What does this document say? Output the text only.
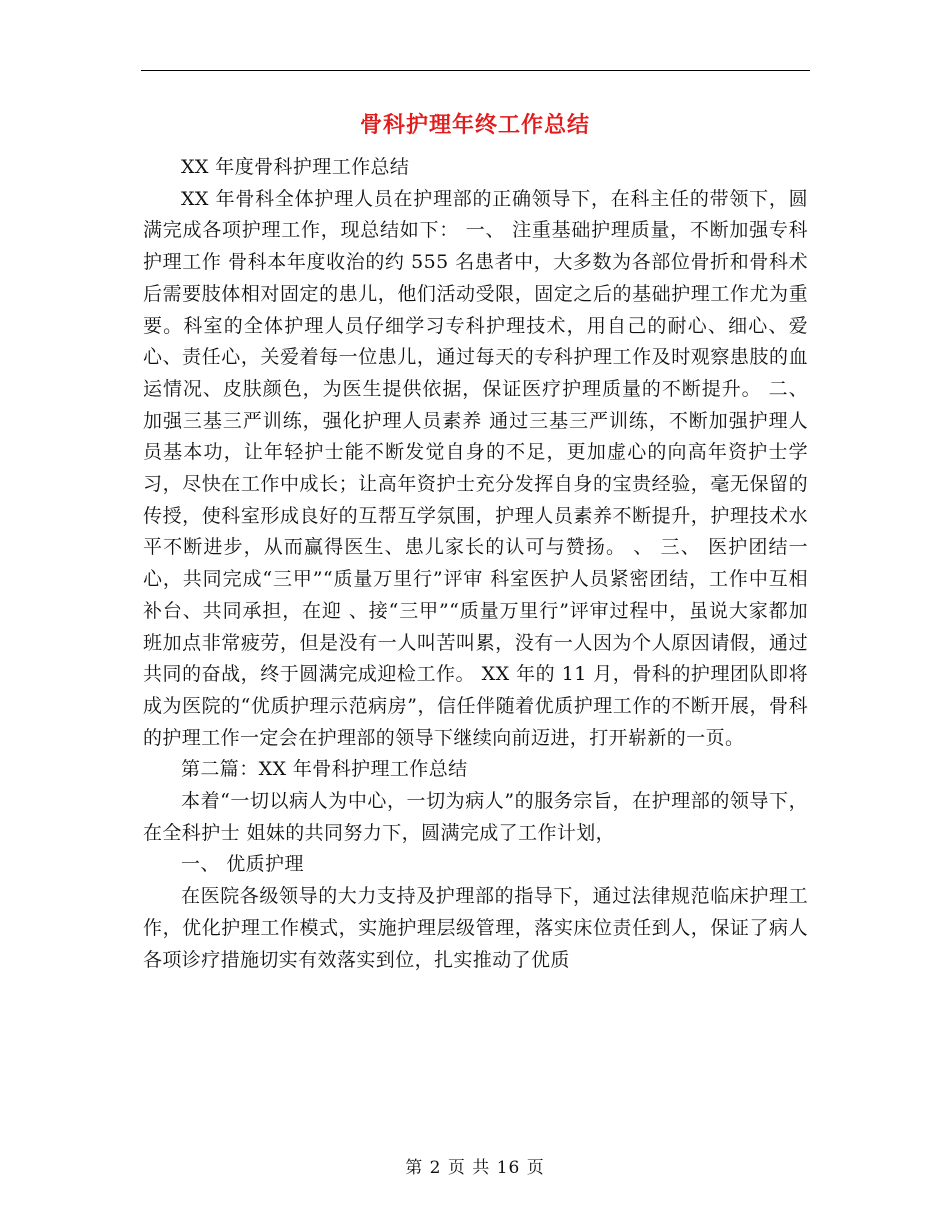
骨科护理年终工作总结

XX 年度骨科护理工作总结

XX 年骨科全体护理人员在护理部的正确领导下，在科主任的带领下，圆满完成各项护理工作，现总结如下： 一、 注重基础护理质量，不断加强专科护理工作 骨科本年度收治的约 555 名患者中，大多数为各部位骨折和骨科术后需要肢体相对固定的患儿，他们活动受限，固定之后的基础护理工作尤为重要。科室的全体护理人员仔细学习专科护理技术，用自己的耐心、细心、爱心、责任心，关爱着每一位患儿，通过每天的专科护理工作及时观察患肢的血运情况、皮肤颜色，为医生提供依据，保证医疗护理质量的不断提升。 二、 加强三基三严训练，强化护理人员素养 通过三基三严训练，不断加强护理人员基本功，让年轻护士能不断发觉自身的不足，更加虚心的向高年资护士学习，尽快在工作中成长；让高年资护士充分发挥自身的宝贵经验，毫无保留的传授，使科室形成良好的互帮互学氛围，护理人员素养不断提升，护理技术水平不断进步，从而赢得医生、患儿家长的认可与赞扬。 、 三、 医护团结一心，共同完成“三甲”“质量万里行”评审 科室医护人员紧密团结，工作中互相补台、共同承担，在迎 、接“三甲”“质量万里行”评审过程中，虽说大家都加班加点非常疲劳，但是没有一人叫苦叫累，没有一人因为个人原因请假，通过共同的奋战，终于圆满完成迎检工作。 XX 年的 11 月，骨科的护理团队即将成为医院的“优质护理示范病房”，信任伴随着优质护理工作的不断开展，骨科的护理工作一定会在护理部的领导下继续向前迈进，打开崭新的一页。

第二篇：XX 年骨科护理工作总结

本着“一切以病人为中心，一切为病人”的服务宗旨，在护理部的领导下，在全科护士 姐妹的共同努力下，圆满完成了工作计划，

一、 优质护理

在医院各级领导的大力支持及护理部的指导下，通过法律规范临床护理工作，优化护理工作模式，实施护理层级管理，落实床位责任到人，保证了病人各项诊疗措施切实有效落实到位，扎实推动了优质

第 2 页 共 16 页
